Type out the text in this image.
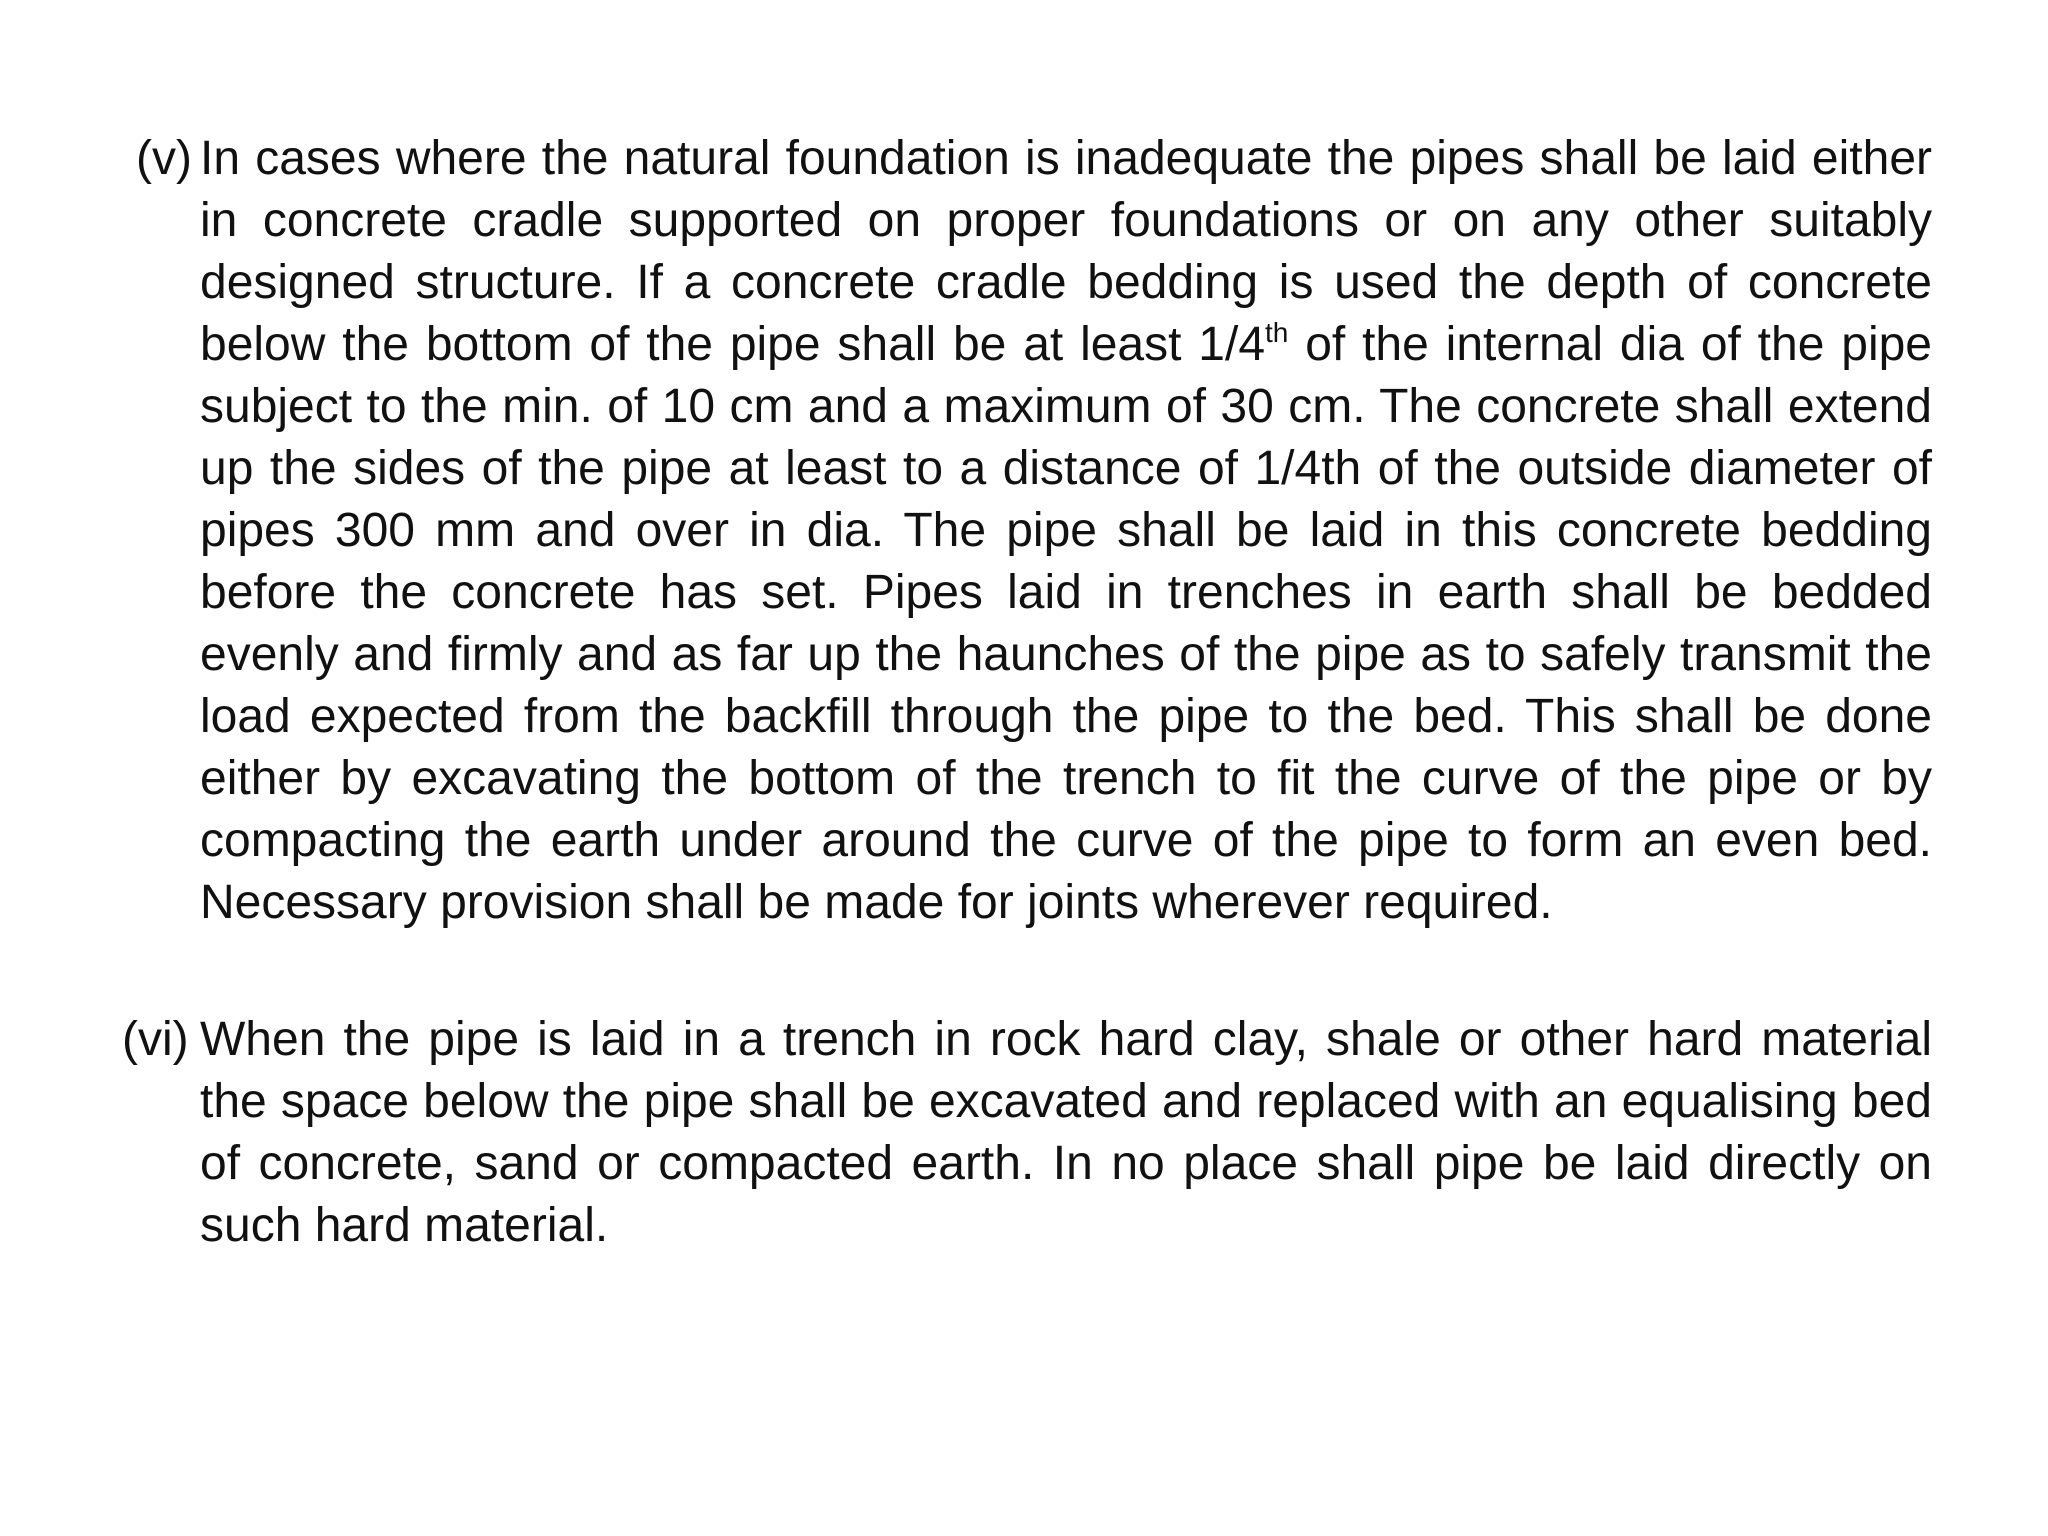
(v) In cases where the natural foundation is inadequate the pipes shall be laid either in concrete cradle supported on proper foundations or on any other suitably designed structure. If a concrete cradle bedding is used the depth of concrete below the bottom of the pipe shall be at least 1/4th of the internal dia of the pipe subject to the min. of 10 cm and a maximum of 30 cm. The concrete shall extend up the sides of the pipe at least to a distance of 1/4th of the outside diameter of pipes 300 mm and over in dia. The pipe shall be laid in this concrete bedding before the concrete has set. Pipes laid in trenches in earth shall be bedded evenly and firmly and as far up the haunches of the pipe as to safely transmit the load expected from the backfill through the pipe to the bed. This shall be done either by excavating the bottom of the trench to fit the curve of the pipe or by compacting the earth under around the curve of the pipe to form an even bed. Necessary provision shall be made for joints wherever required.
(vi) When the pipe is laid in a trench in rock hard clay, shale or other hard material the space below the pipe shall be excavated and replaced with an equalising bed of concrete, sand or compacted earth. In no place shall pipe be laid directly on such hard material.
